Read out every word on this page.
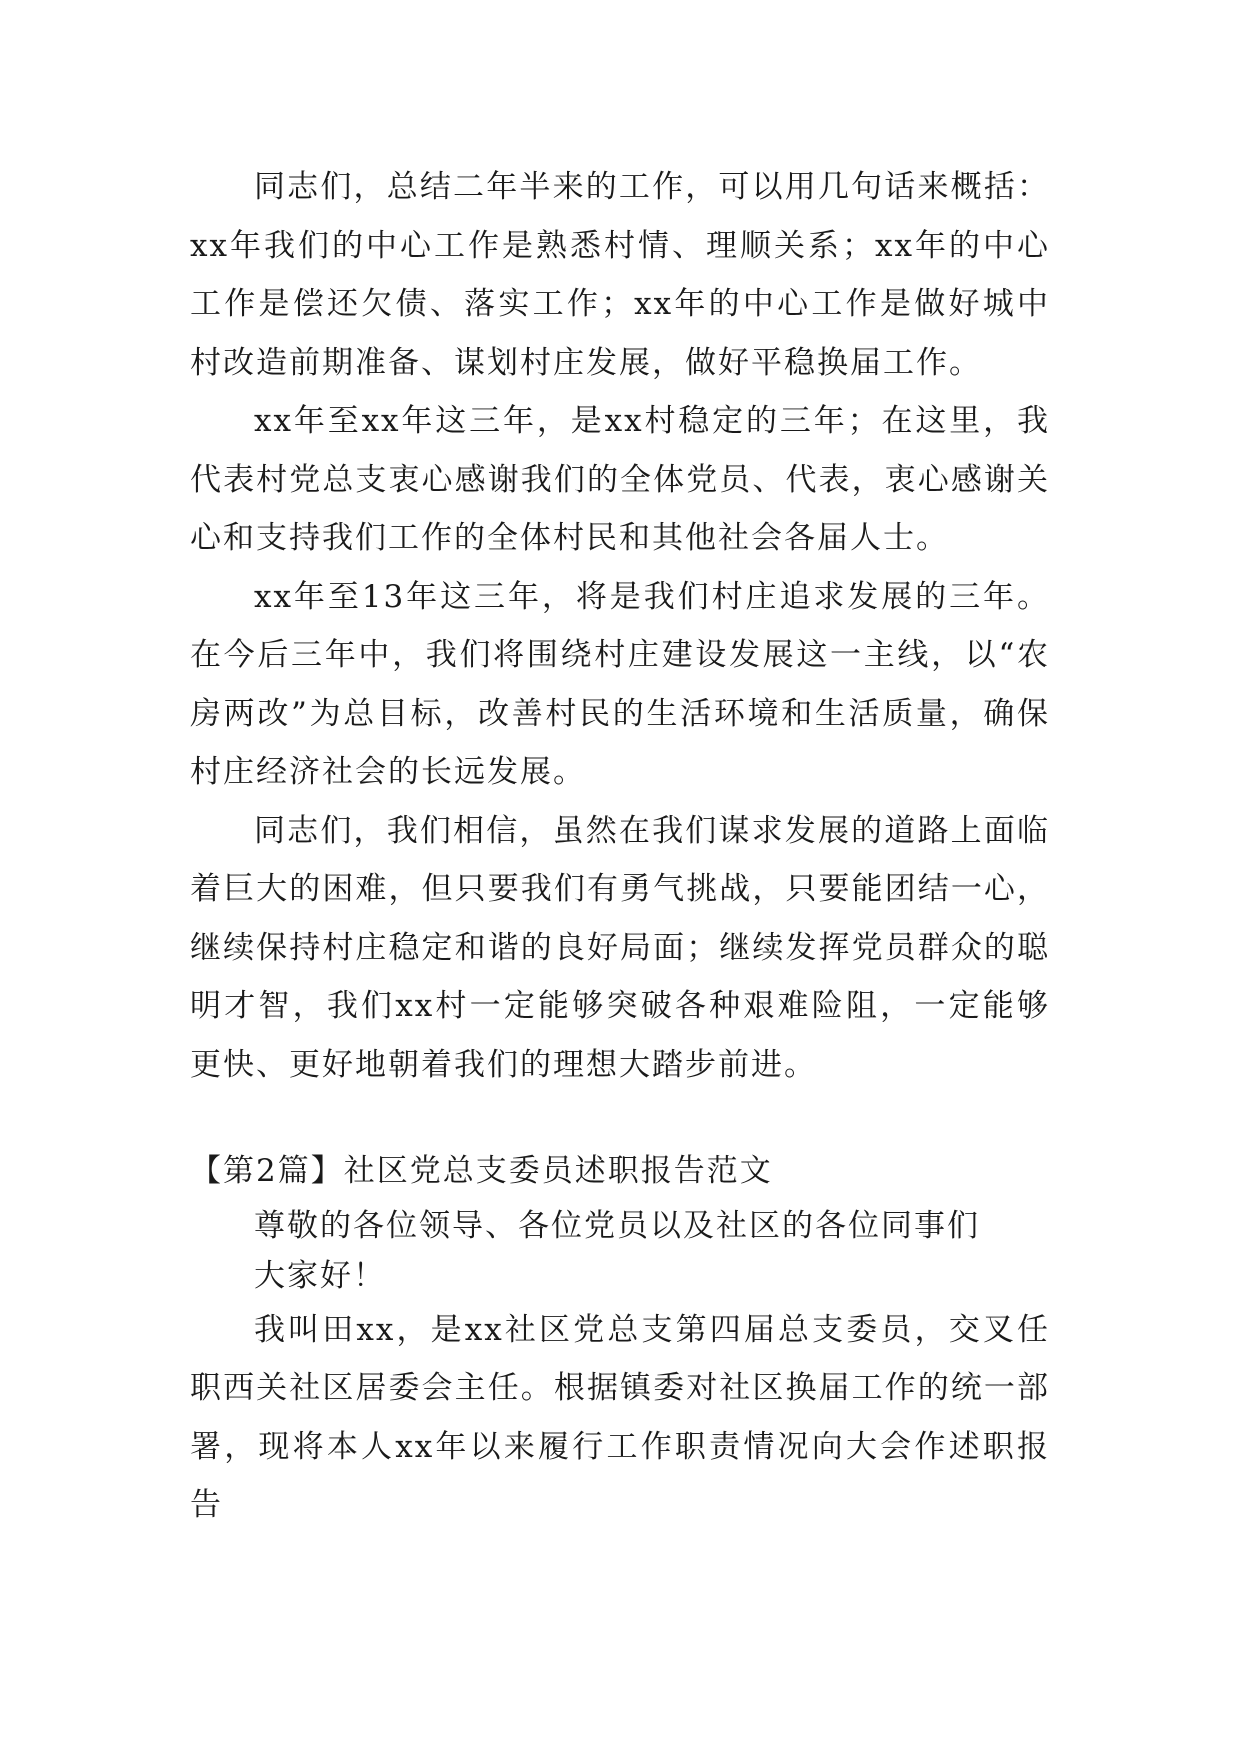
同志们，总结二年半来的工作，可以用几句话来概括：xx年我们的中心工作是熟悉村情、理顺关系；xx年的中心工作是偿还欠债、落实工作；xx年的中心工作是做好城中村改造前期准备、谋划村庄发展，做好平稳换届工作。

xx年至xx年这三年，是xx村稳定的三年；在这里，我代表村党总支衷心感谢我们的全体党员、代表，衷心感谢关心和支持我们工作的全体村民和其他社会各届人士。

xx年至13年这三年，将是我们村庄追求发展的三年。在今后三年中，我们将围绕村庄建设发展这一主线，以“农房两改”为总目标，改善村民的生活环境和生活质量，确保村庄经济社会的长远发展。

同志们，我们相信，虽然在我们谋求发展的道路上面临着巨大的困难，但只要我们有勇气挑战，只要能团结一心，继续保持村庄稳定和谐的良好局面；继续发挥党员群众的聪明才智，我们xx村一定能够突破各种艰难险阻，一定能够更快、更好地朝着我们的理想大踏步前进。

【第2篇】社区党总支委员述职报告范文

尊敬的各位领导、各位党员以及社区的各位同事们

大家好！

我叫田xx，是xx社区党总支第四届总支委员，交叉任职西关社区居委会主任。根据镇委对社区换届工作的统一部署，现将本人xx年以来履行工作职责情况向大会作述职报告
